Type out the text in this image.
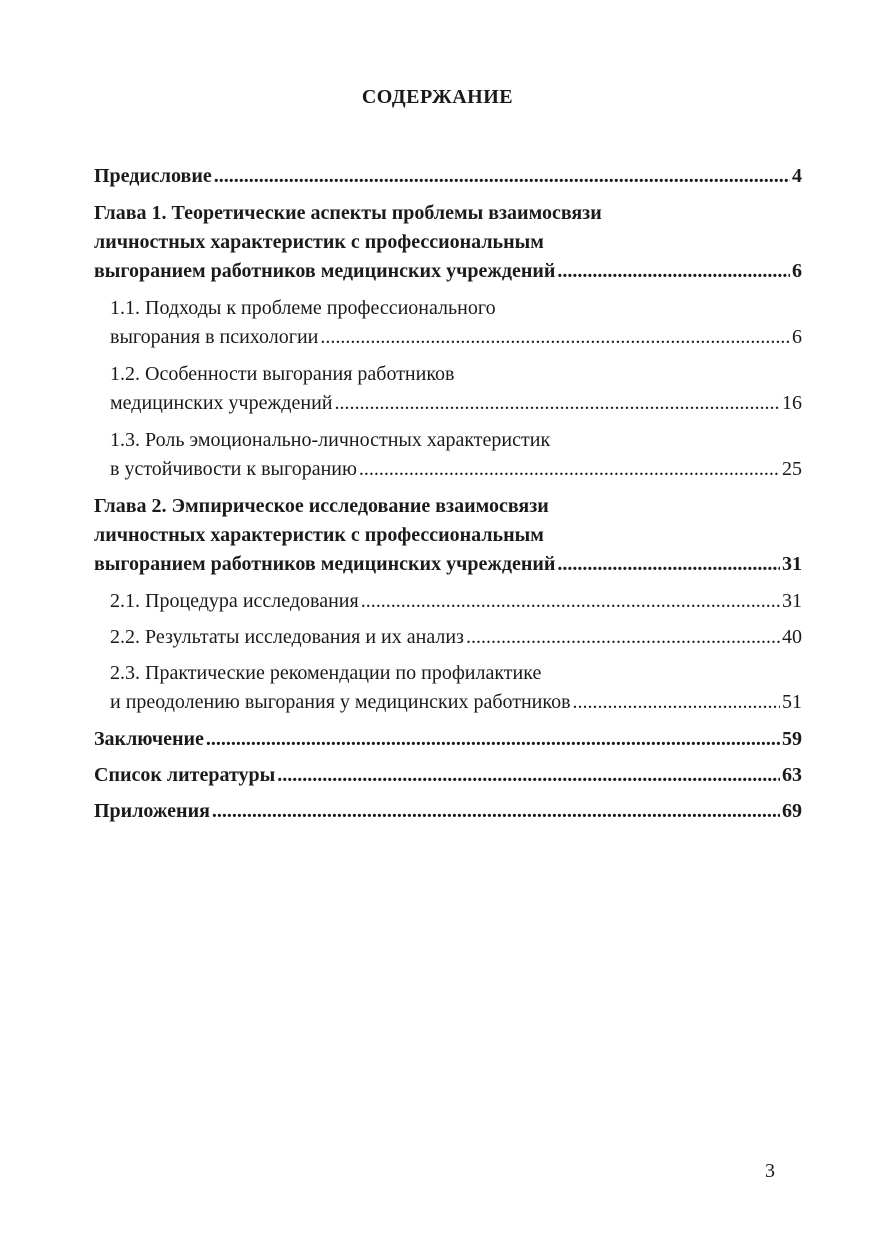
СОДЕРЖАНИЕ
Предисловие .....	4
Глава 1. Теоретические аспекты проблемы взаимосвязи
личностных характеристик с профессиональным
выгоранием работников медицинских учреждений .....	6
1.1. Подходы к проблеме профессионального
выгорания в психологии .....	6
1.2. Особенности выгорания работников
медицинских учреждений .....	16
1.3. Роль эмоционально-личностных характеристик
в устойчивости к выгоранию .....	25
Глава 2. Эмпирическое исследование взаимосвязи
личностных характеристик с профессиональным
выгоранием работников медицинских учреждений .....	31
2.1. Процедура исследования .....	31
2.2. Результаты исследования и их анализ .....	40
2.3. Практические рекомендации по профилактике
и преодолению выгорания у медицинских работников .....	51
Заключение .....	59
Список литературы .....	63
Приложения .....	69
3
